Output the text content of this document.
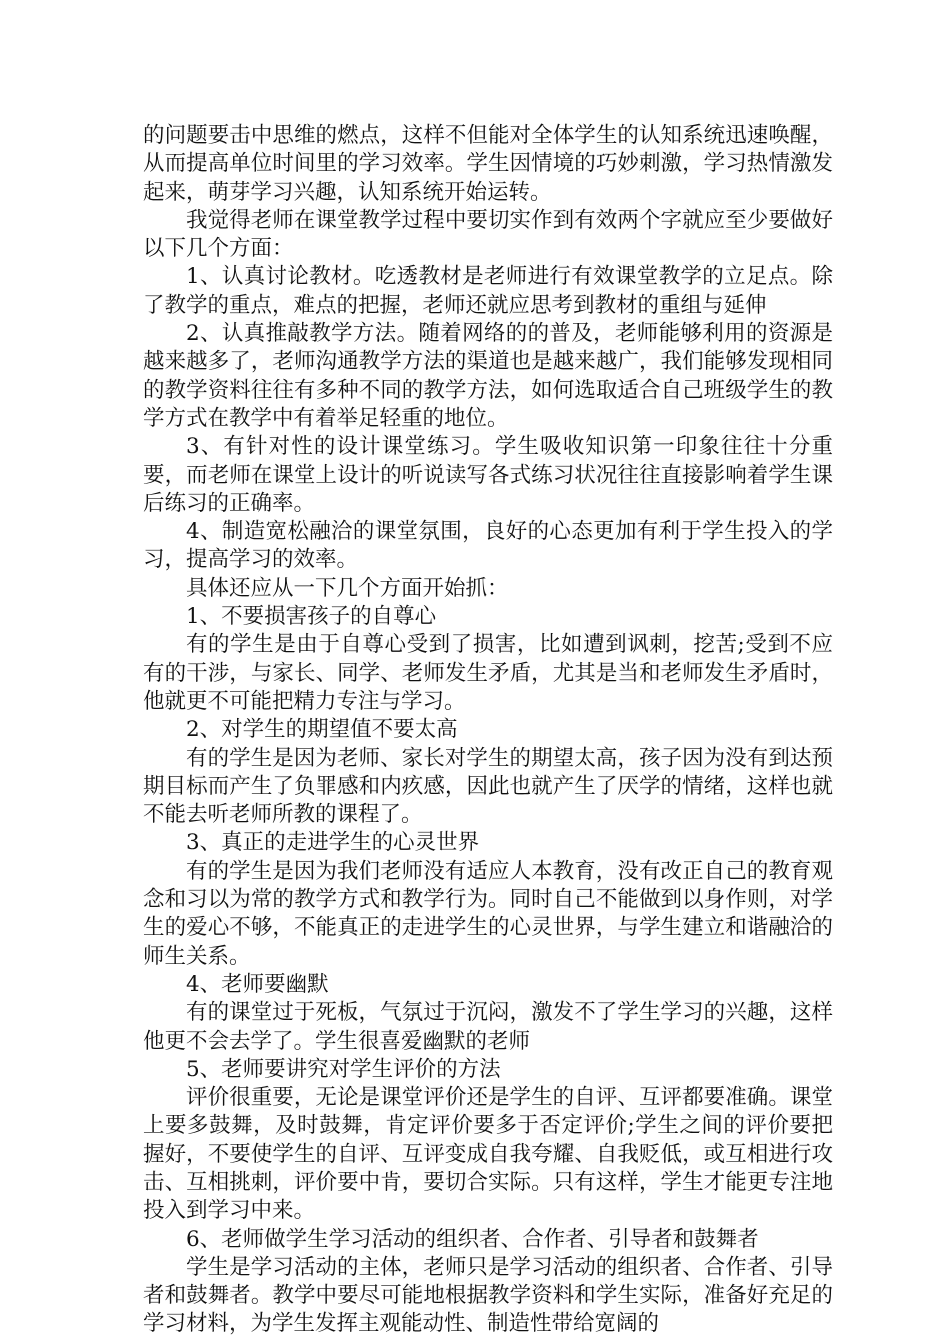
的问题要击中思维的燃点，这样不但能对全体学生的认知系统迅速唤醒，从而提高单位时间里的学习效率。学生因情境的巧妙刺激，学习热情激发起来，萌芽学习兴趣，认知系统开始运转。

我觉得老师在课堂教学过程中要切实作到有效两个字就应至少要做好以下几个方面：

1、认真讨论教材。吃透教材是老师进行有效课堂教学的立足点。除了教学的重点，难点的把握，老师还就应思考到教材的重组与延伸

2、认真推敲教学方法。随着网络的的普及，老师能够利用的资源是越来越多了，老师沟通教学方法的渠道也是越来越广，我们能够发现相同的教学资料往往有多种不同的教学方法，如何选取适合自己班级学生的教学方式在教学中有着举足轻重的地位。

3、有针对性的设计课堂练习。学生吸收知识第一印象往往十分重要，而老师在课堂上设计的听说读写各式练习状况往往直接影响着学生课后练习的正确率。

4、制造宽松融洽的课堂氛围，良好的心态更加有利于学生投入的学习，提高学习的效率。

具体还应从一下几个方面开始抓：

1、不要损害孩子的自尊心

有的学生是由于自尊心受到了损害，比如遭到讽刺，挖苦;受到不应有的干涉，与家长、同学、老师发生矛盾，尤其是当和老师发生矛盾时，他就更不可能把精力专注与学习。

2、对学生的期望值不要太高

有的学生是因为老师、家长对学生的期望太高，孩子因为没有到达预期目标而产生了负罪感和内疚感，因此也就产生了厌学的情绪，这样也就不能去听老师所教的课程了。

3、真正的走进学生的心灵世界

有的学生是因为我们老师没有适应人本教育，没有改正自己的教育观念和习以为常的教学方式和教学行为。同时自己不能做到以身作则，对学生的爱心不够，不能真正的走进学生的心灵世界，与学生建立和谐融洽的师生关系。

4、老师要幽默

有的课堂过于死板，气氛过于沉闷，激发不了学生学习的兴趣，这样他更不会去学了。学生很喜爱幽默的老师

5、老师要讲究对学生评价的方法

评价很重要，无论是课堂评价还是学生的自评、互评都要准确。课堂上要多鼓舞，及时鼓舞，肯定评价要多于否定评价;学生之间的评价要把握好，不要使学生的自评、互评变成自我夸耀、自我贬低，或互相进行攻击、互相挑刺，评价要中肯，要切合实际。只有这样，学生才能更专注地投入到学习中来。

6、老师做学生学习活动的组织者、合作者、引导者和鼓舞者

学生是学习活动的主体，老师只是学习活动的组织者、合作者、引导者和鼓舞者。教学中要尽可能地根据教学资料和学生实际，准备好充足的学习材料，为学生发挥主观能动性、制造性带给宽阔的
